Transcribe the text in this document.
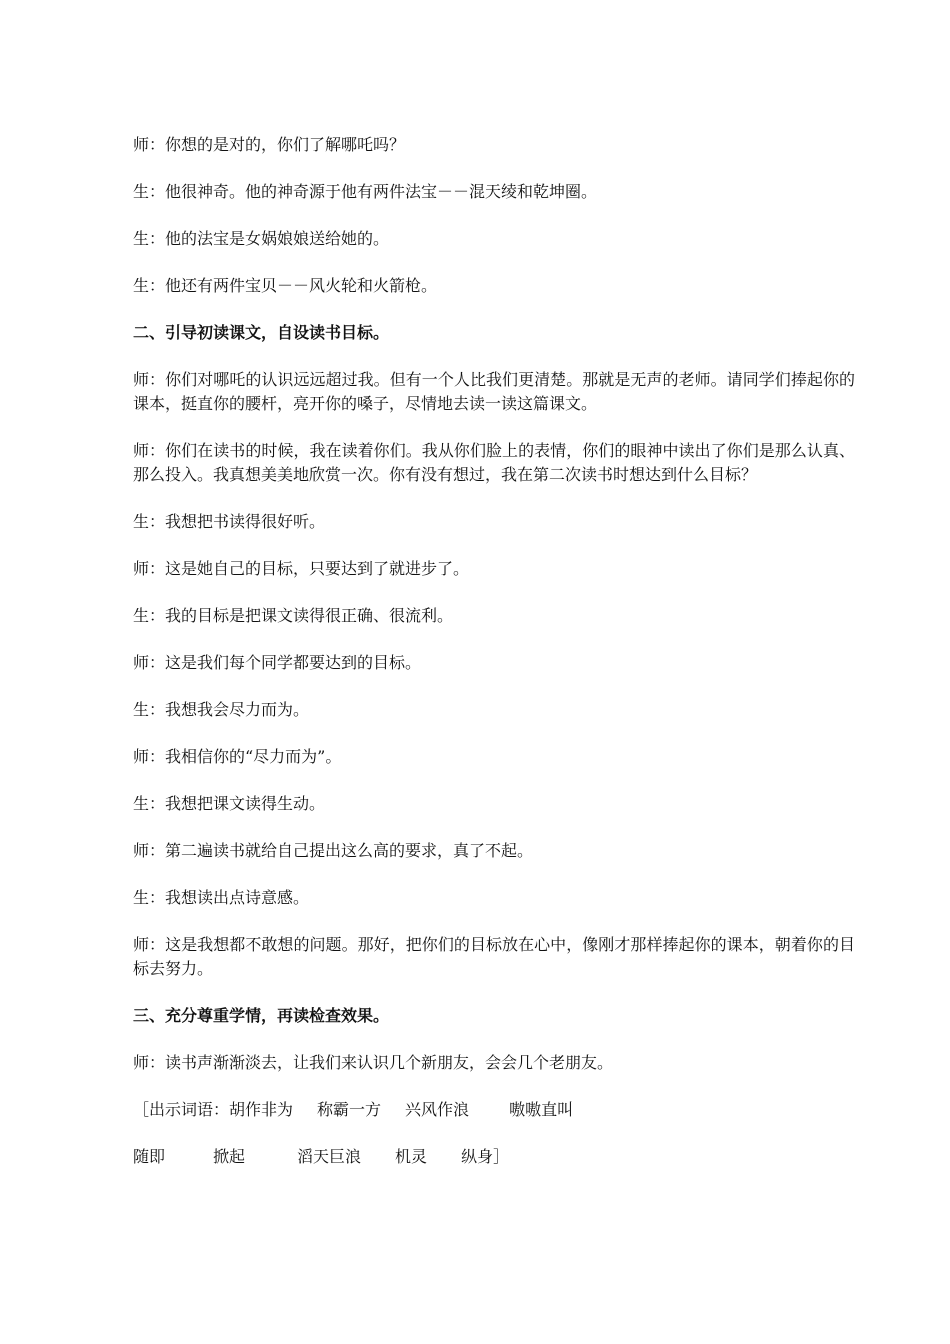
师：你想的是对的，你们了解哪吒吗？

生：他很神奇。他的神奇源于他有两件法宝－－混天绫和乾坤圈。

生：他的法宝是女娲娘娘送给她的。

生：他还有两件宝贝－－风火轮和火箭枪。

二、引导初读课文，自设读书目标。

师：你们对哪吒的认识远远超过我。但有一个人比我们更清楚。那就是无声的老师。请同学们捧起你的课本，挺直你的腰杆，亮开你的嗓子，尽情地去读一读这篇课文。

师：你们在读书的时候，我在读着你们。我从你们脸上的表情，你们的眼神中读出了你们是那么认真、那么投入。我真想美美地欣赏一次。你有没有想过，我在第二次读书时想达到什么目标？

生：我想把书读得很好听。

师：这是她自己的目标，只要达到了就进步了。

生：我的目标是把课文读得很正确、很流利。

师：这是我们每个同学都要达到的目标。

生：我想我会尽力而为。

师：我相信你的“尽力而为”。

生：我想把课文读得生动。

师：第二遍读书就给自己提出这么高的要求，真了不起。

生：我想读出点诗意感。

师：这是我想都不敢想的问题。那好，把你们的目标放在心中，像刚才那样捧起你的课本，朝着你的目标去努力。

三、充分尊重学情，再读检查效果。

师：读书声渐渐淡去，让我们来认识几个新朋友，会会几个老朋友。

［出示词语：胡作非为 称霸一方 兴风作浪	嗷嗷直叫

随即	掀起	滔天巨浪 机灵 纵身］
